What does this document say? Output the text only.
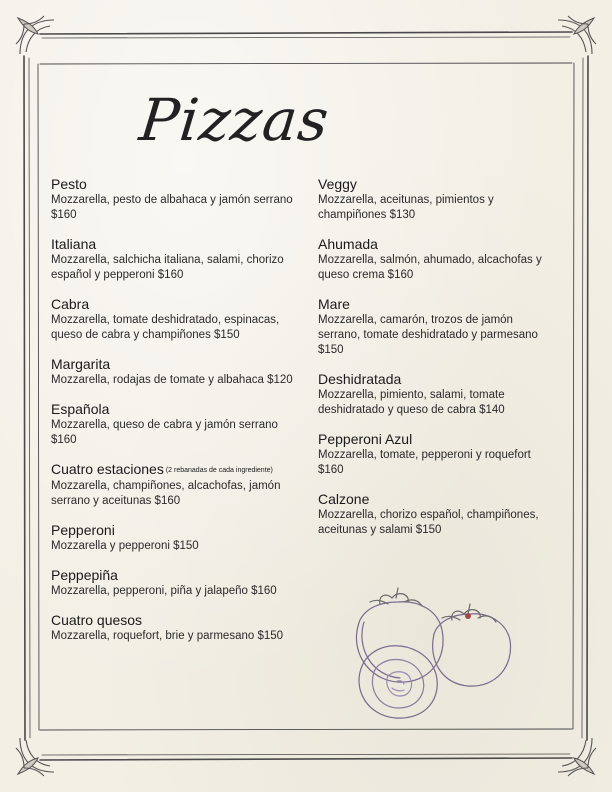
Pizzas
Pesto
Mozzarella, pesto de albahaca y jamón serrano $160
Italiana
Mozzarella, salchicha italiana, salami, chorizo español y pepperoni $160
Cabra
Mozzarella, tomate deshidratado, espinacas, queso de cabra y champiñones $150
Margarita
Mozzarella, rodajas de tomate y albahaca $120
Española
Mozzarella, queso de cabra y jamón serrano $160
Cuatro estaciones (2 rebanadas de cada ingrediente)
Mozzarella, champiñones, alcachofas, jamón serrano y aceitunas $160
Pepperoni
Mozzarella y pepperoni $150
Peppepiña
Mozzarella, pepperoni, piña y jalapeño $160
Cuatro quesos
Mozzarella, roquefort, brie y parmesano $150
Veggy
Mozzarella, aceitunas, pimientos y champiñones $130
Ahumada
Mozzarella, salmón, ahumado, alcachofas y queso crema $160
Mare
Mozzarella, camarón, trozos de jamón serrano, tomate deshidratado y parmesano $150
Deshidratada
Mozzarella, pimiento, salami, tomate deshidratado y queso de cabra $140
Pepperoni Azul
Mozzarella, tomate, pepperoni y roquefort $160
Calzone
Mozzarella, chorizo español, champiñones, aceitunas y salami $150
